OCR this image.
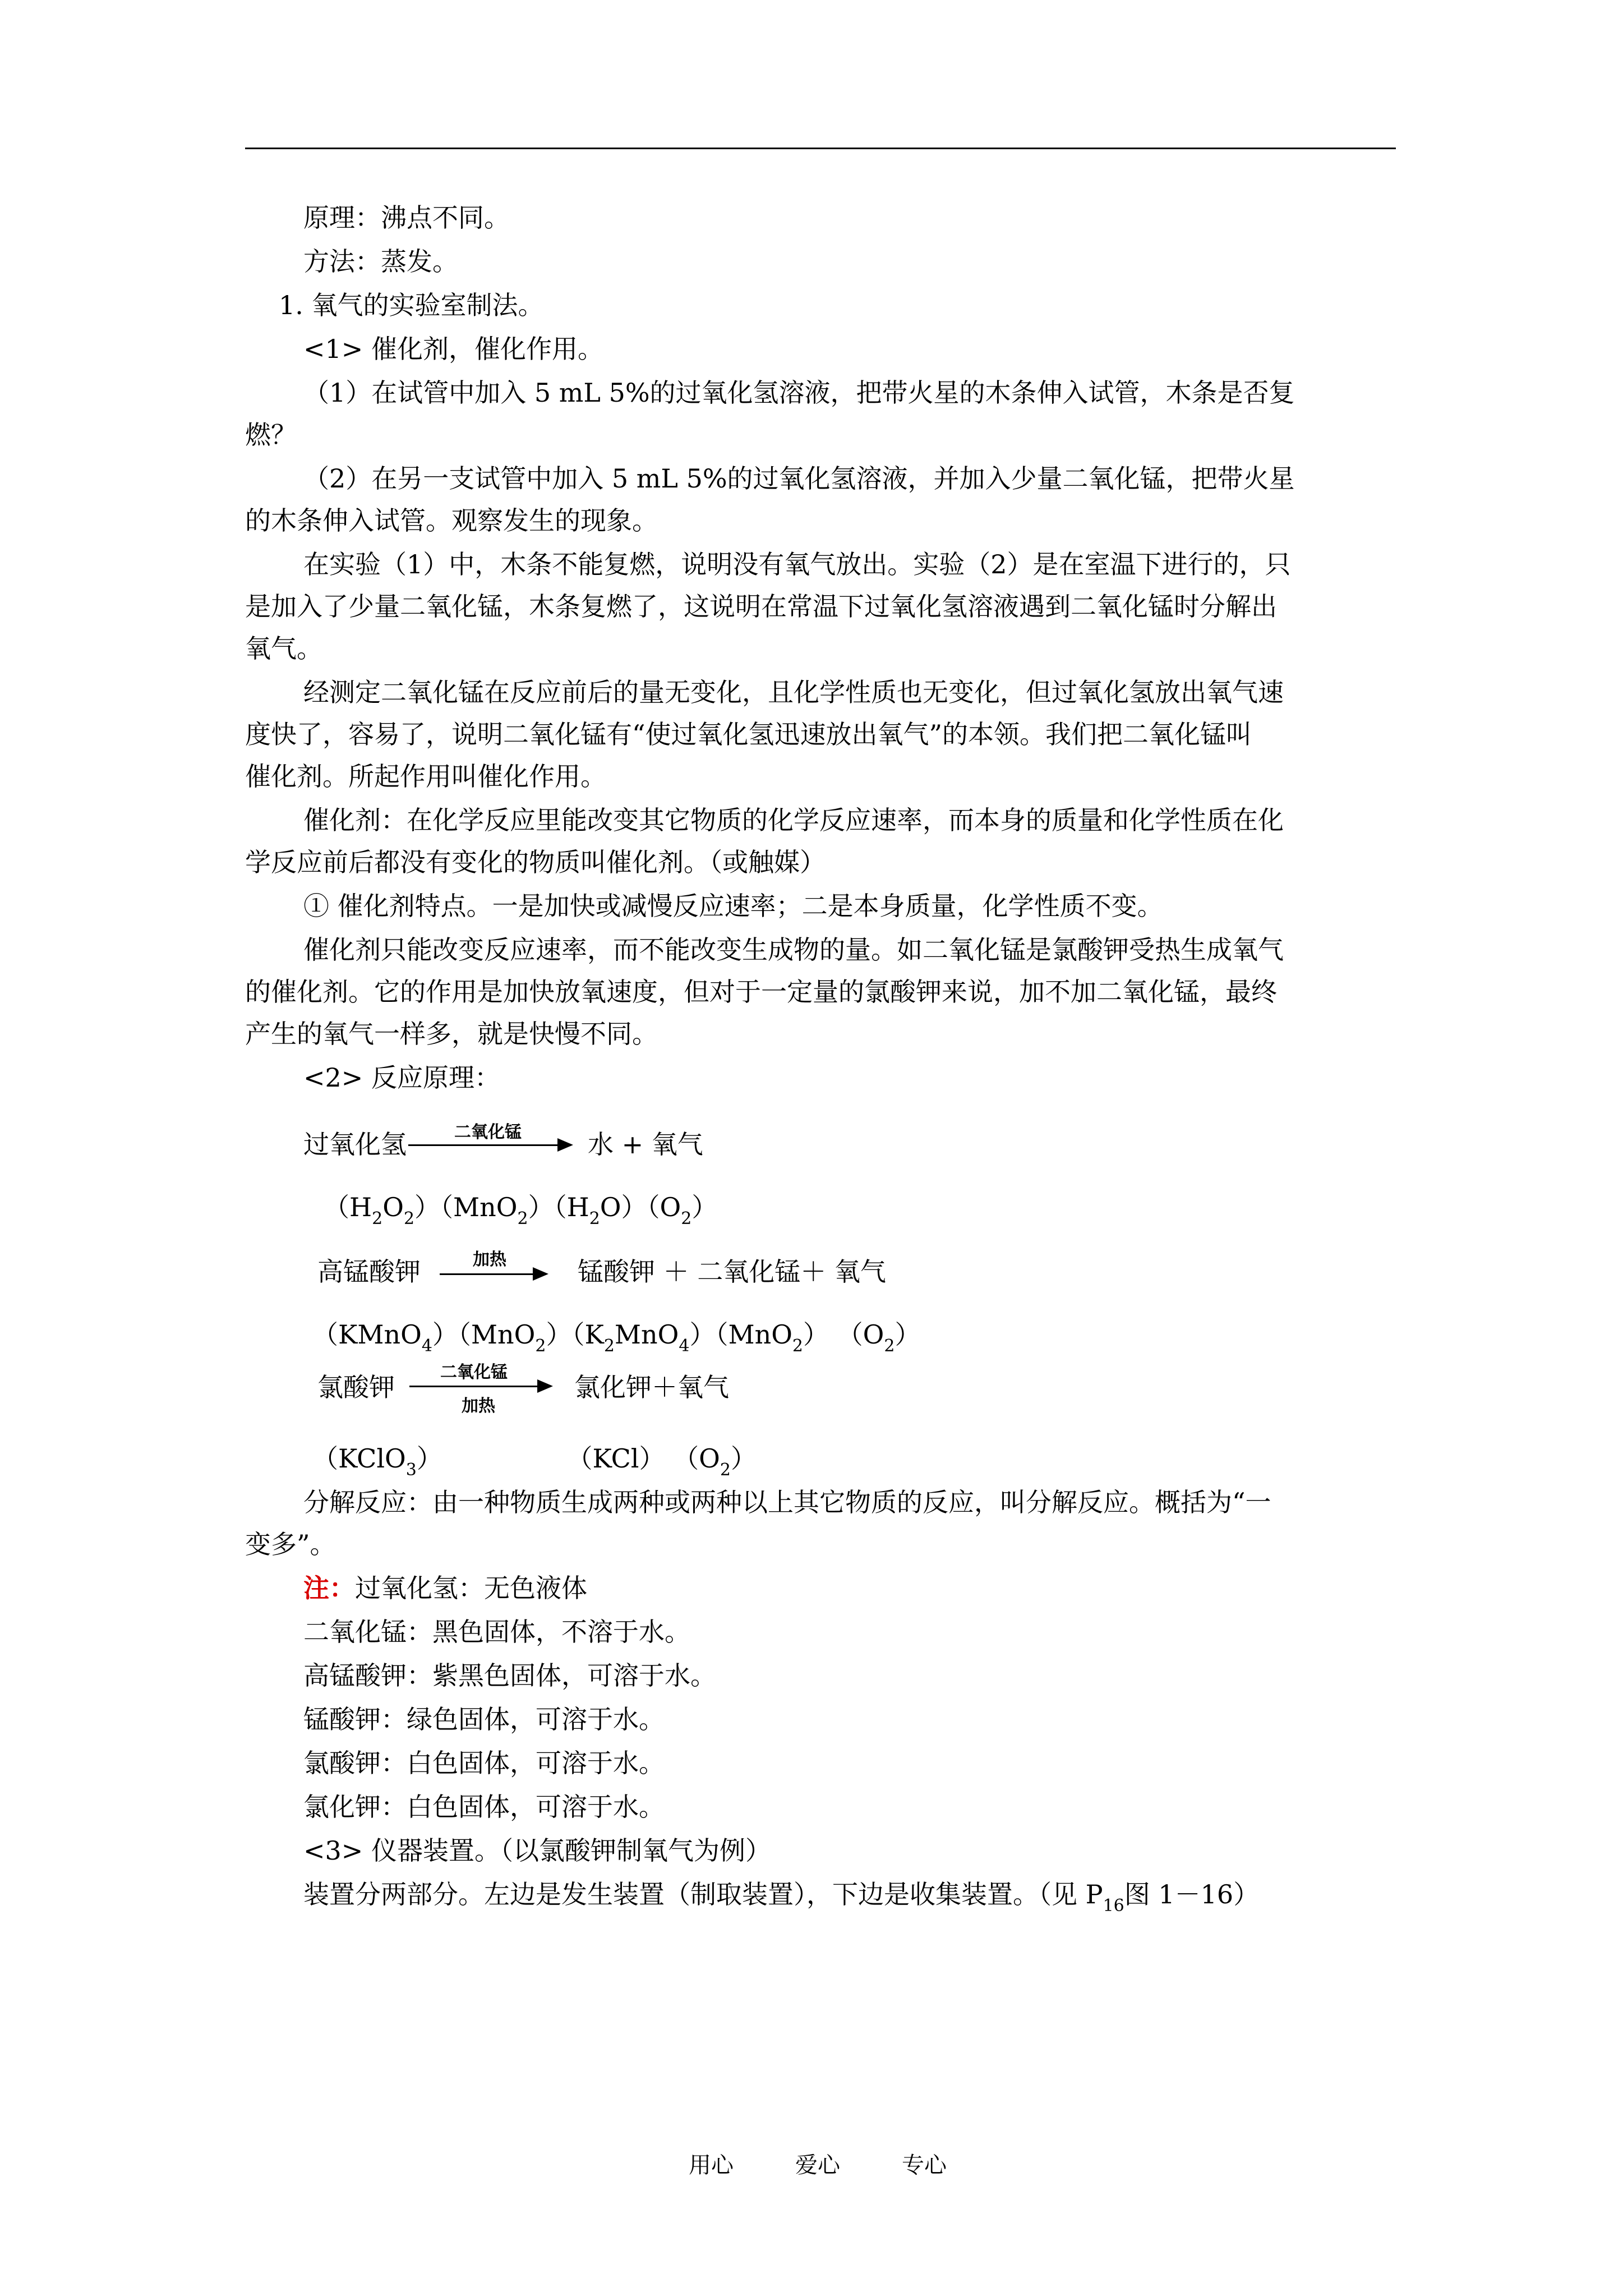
原理：沸点不同。
方法：蒸发。
1. 氧气的实验室制法。
<1> 催化剂，催化作用。
（1）在试管中加入 5 mL 5%的过氧化氢溶液，把带火星的木条伸入试管，木条是否复
燃？
（2）在另一支试管中加入 5 mL 5%的过氧化氢溶液，并加入少量二氧化锰，把带火星
的木条伸入试管。观察发生的现象。
在实验（1）中，木条不能复燃，说明没有氧气放出。实验（2）是在室温下进行的，只
是加入了少量二氧化锰，木条复燃了，这说明在常温下过氧化氢溶液遇到二氧化锰时分解出
氧气。
经测定二氧化锰在反应前后的量无变化，且化学性质也无变化，但过氧化氢放出氧气速
度快了，容易了，说明二氧化锰有“使过氧化氢迅速放出氧气”的本领。我们把二氧化锰叫
催化剂。所起作用叫催化作用。
催化剂：在化学反应里能改变其它物质的化学反应速率，而本身的质量和化学性质在化
学反应前后都没有变化的物质叫催化剂。（或触媒）
① 催化剂特点。一是加快或减慢反应速率；二是本身质量，化学性质不变。
催化剂只能改变反应速率，而不能改变生成物的量。如二氧化锰是氯酸钾受热生成氧气
的催化剂。它的作用是加快放氧速度，但对于一定量的氯酸钾来说，加不加二氧化锰，最终
产生的氧气一样多，就是快慢不同。
<2> 反应原理：
过氧化氢	二氧化锰	水 + 氧气
$(H_2O_2)(MnO_2)(H_2O)(O_2)$
高锰酸钾	加热	锰酸钾 ＋ 二氧化锰＋ 氧气
$(KMnO_4)(MnO_2)(K_2MnO_4)(MnO_2)$ $(O_2)$
氯酸钾	二氧化锰
加热
氯化钾＋氧气
（KClO$_3$）　　　　　 （KCl） $(O_2)$
分解反应：由一种物质生成两种或两种以上其它物质的反应，叫分解反应。概括为“一
变多”。
注：过氧化氢：无色液体
二氧化锰：黑色固体，不溶于水。
高锰酸钾：紫黑色固体，可溶于水。
锰酸钾：绿色固体，可溶于水。
氯酸钾：白色固体，可溶于水。
氯化钾：白色固体，可溶于水。
<3> 仪器装置。（以氯酸钾制氧气为例）
装置分两部分。左边是发生装置（制取装置），下边是收集装置。（见 $P_{16}$图 1－16）
用心	爱心	专心
